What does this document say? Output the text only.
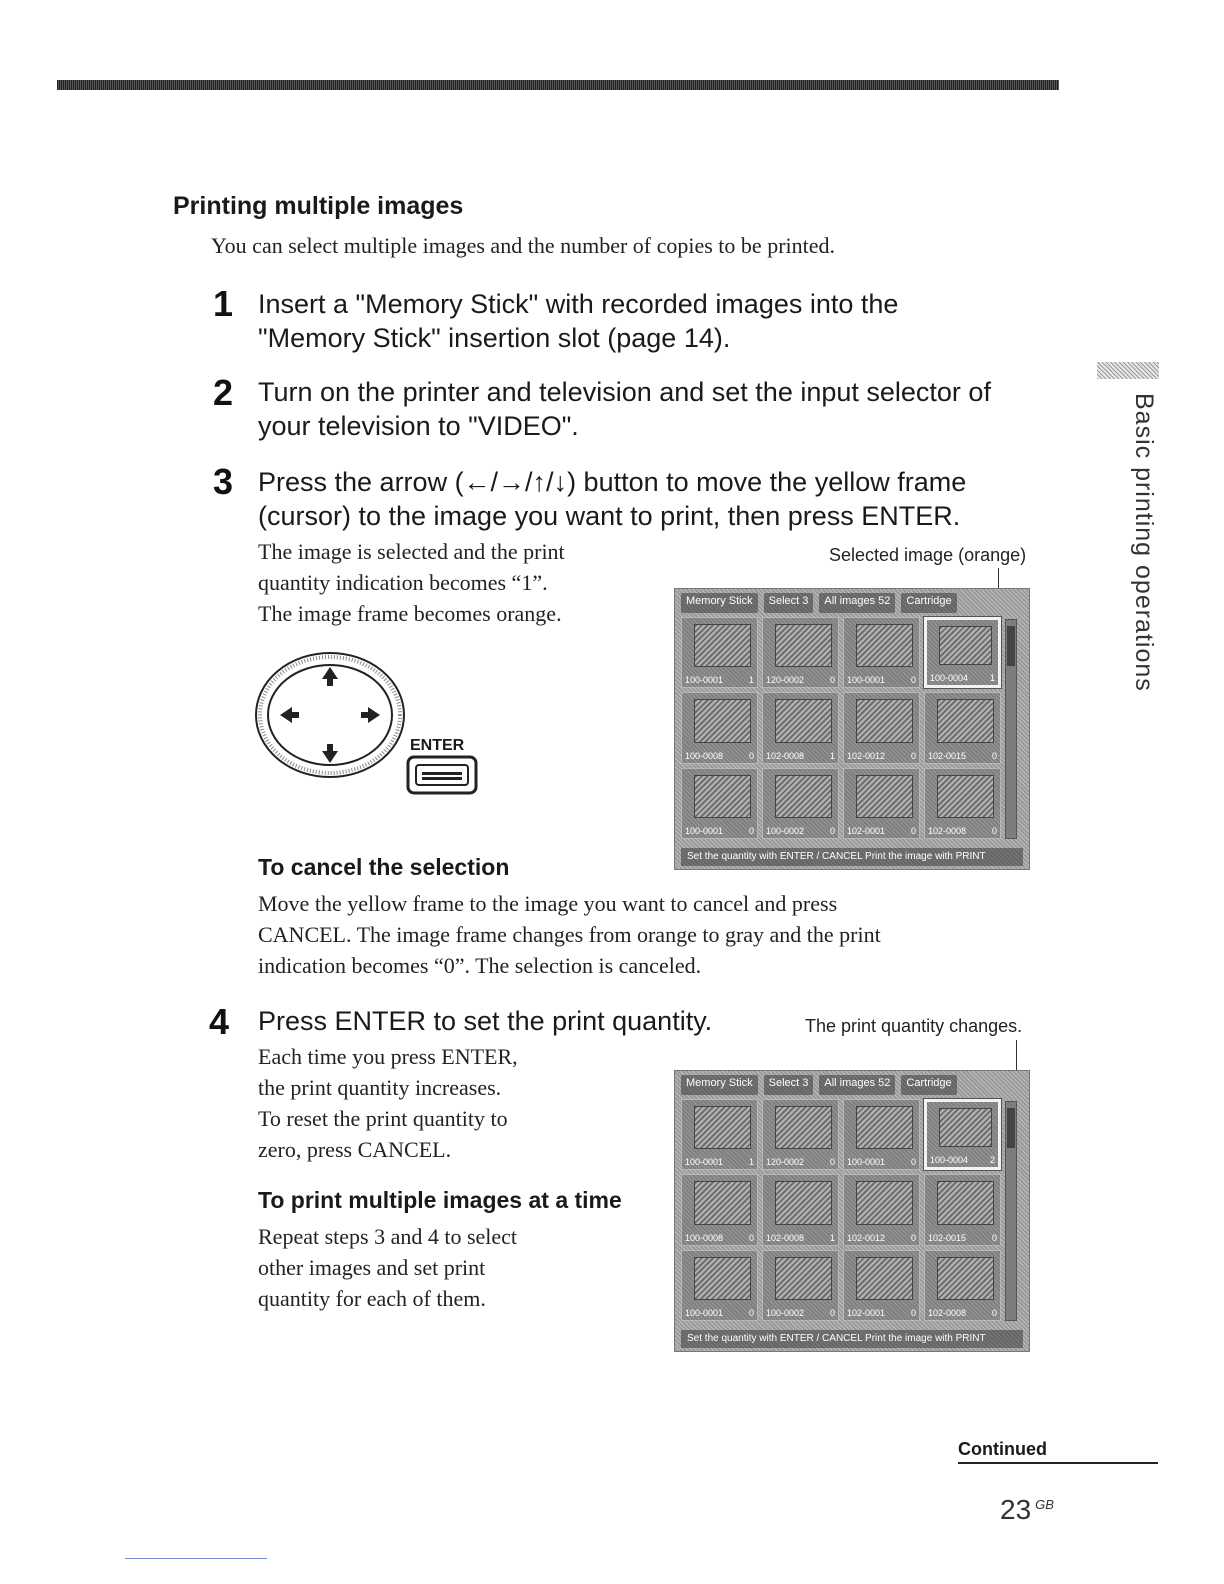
Basic printing operations
Printing multiple images
You can select multiple images and the number of copies to be printed.
1 Insert a "Memory Stick" with recorded images into the
"Memory Stick" insertion slot (page 14).
2 Turn on the printer and television and set the input selector of
your television to "VIDEO".
3 Press the arrow (←/→/↑/↓) button to move the yellow frame
(cursor) to the image you want to print, then press ENTER.
The image is selected and the print
quantity indication becomes “1”.
The image frame becomes orange.
ENTER
Selected image (orange)
Memory Stick	Select 3	All images 52	Cartridge
100-0001	1 120-0002	0 100-0001	0 100-0004 1
100-0008	0 102-0008	1 102-0012	0 102-0015	0
100-0001	0 100-0002	0 102-0001	0 102-0008	0
Set the quantity with ENTER / CANCEL Print the image with PRINT
To cancel the selection
Move the yellow frame to the image you want to cancel and press
CANCEL. The image frame changes from orange to gray and the print
indication becomes “0”. The selection is canceled.
4 Press ENTER to set the print quantity.	The print quantity changes.
Each time you press ENTER,
the print quantity increases.
To reset the print quantity to
zero, press CANCEL.
To print multiple images at a time
Repeat steps 3 and 4 to select
other images and set print
quantity for each of them.
Memory Stick	Select 3	All images 52	Cartridge
100-0001	1 120-0002	0 100-0001	0 100-0004 2
100-0008	0 102-0008	1 102-0012	0 102-0015	0
100-0001	0 100-0002	0 102-0001	0 102-0008	0
Set the quantity with ENTER / CANCEL Print the image with PRINT
Continued
23 $^{GB}$
